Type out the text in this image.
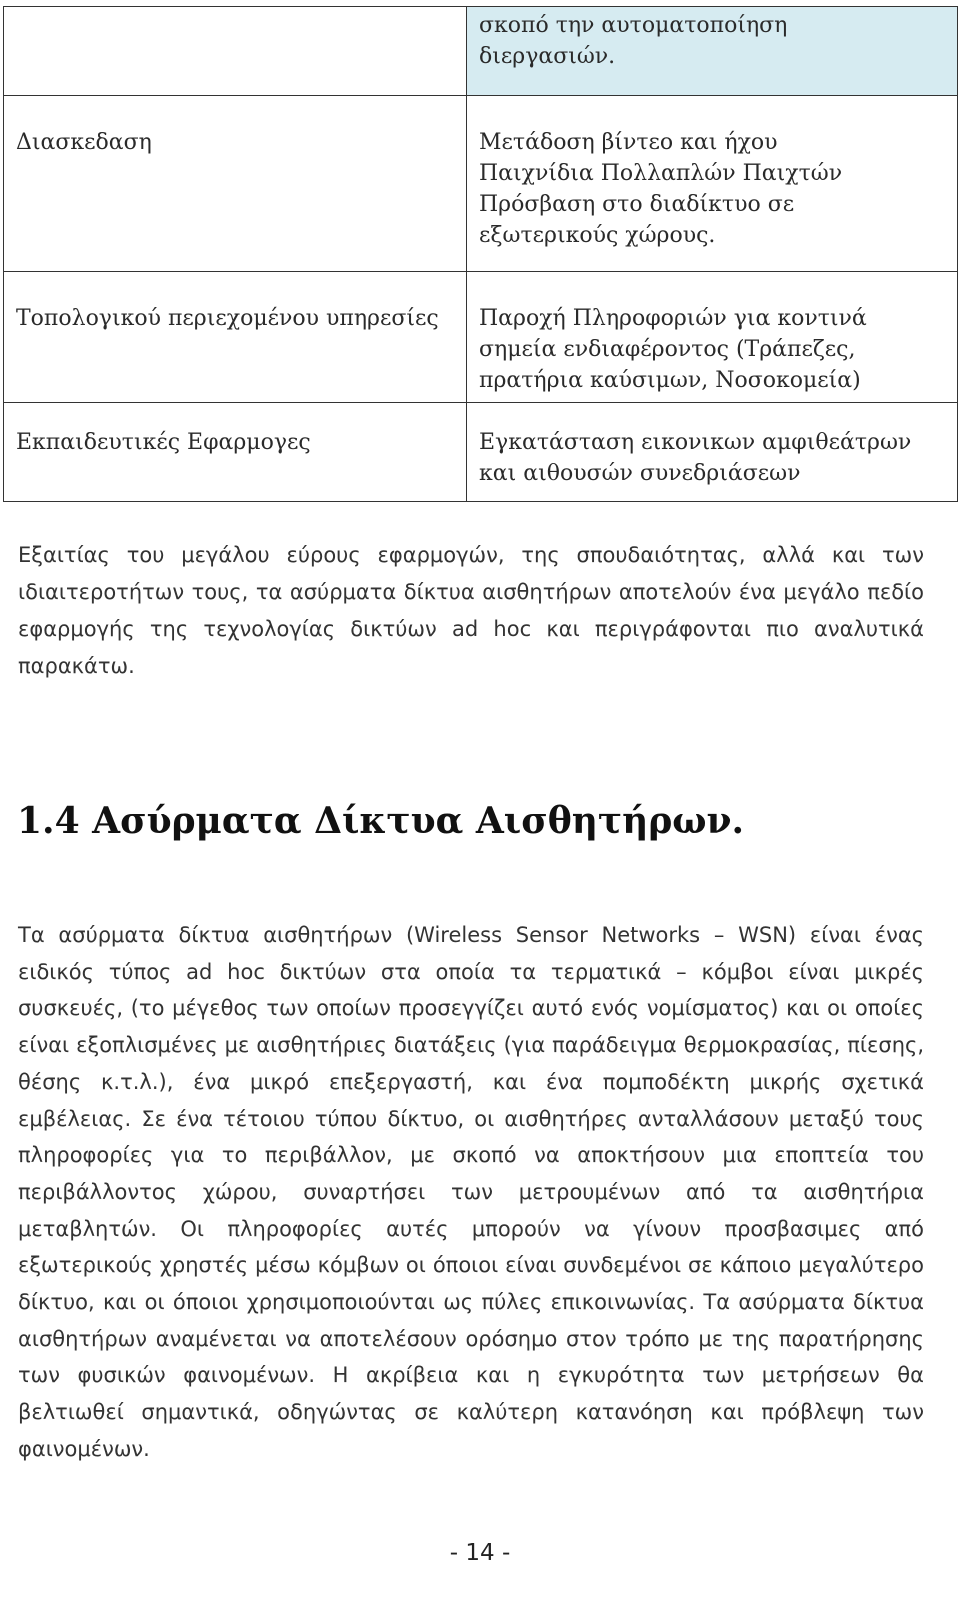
	σκοπό την αυτοματοποίηση
διεργασιών.

Διασκεδαση	Μετάδοση βίντεο και ήχου
Παιχνίδια Πολλαπλών Παιχτών
Πρόσβαση στο διαδίκτυο σε
εξωτερικούς χώρους.

Τοπολογικού περιεχομένου υπηρεσίες	Παροχή Πληροφοριών για κοντινά
σημεία ενδιαφέροντος (Τράπεζες,
πρατήρια καύσιμων, Νοσοκομεία)

Εκπαιδευτικές Εφαρμογες	Εγκατάσταση εικονικων αμφιθεάτρων
και αιθουσών συνεδριάσεων

Εξαιτίας του μεγάλου εύρους εφαρμογών, της σπουδαιότητας, αλλά και των ιδιαιτεροτήτων τους, τα ασύρματα δίκτυα αισθητήρων αποτελούν ένα μεγάλο πεδίο εφαρμογής της τεχνολογίας δικτύων ad hoc και περιγράφονται πιο αναλυτικά παρακάτω.

1.4 Ασύρματα Δίκτυα Αισθητήρων.

Τα ασύρματα δίκτυα αισθητήρων (Wireless Sensor Networks – WSN) είναι ένας ειδικός τύπος ad hoc δικτύων στα οποία τα τερματικά – κόμβοι είναι μικρές συσκευές, (το μέγεθος των οποίων προσεγγίζει αυτό ενός νομίσματος) και οι οποίες είναι εξοπλισμένες με αισθητήριες διατάξεις (για παράδειγμα θερμοκρασίας, πίεσης, θέσης κ.τ.λ.), ένα μικρό επεξεργαστή, και ένα πομποδέκτη μικρής σχετικά εμβέλειας. Σε ένα τέτοιου τύπου δίκτυο, οι αισθητήρες ανταλλάσουν μεταξύ τους πληροφορίες για το περιβάλλον, με σκοπό να αποκτήσουν μια εποπτεία του περιβάλλοντος χώρου, συναρτήσει των μετρουμένων από τα αισθητήρια μεταβλητών. Οι πληροφορίες αυτές μπορούν να γίνουν προσβασιμες από εξωτερικούς χρηστές μέσω κόμβων οι όποιοι είναι συνδεμένοι σε κάποιο μεγαλύτερο δίκτυο, και οι όποιοι χρησιμοποιούνται ως πύλες επικοινωνίας. Τα ασύρματα δίκτυα αισθητήρων αναμένεται να αποτελέσουν ορόσημο στον τρόπο με της παρατήρησης των φυσικών φαινομένων. Η ακρίβεια και η εγκυρότητα των μετρήσεων θα βελτιωθεί σημαντικά, οδηγώντας σε καλύτερη κατανόηση και πρόβλεψη των φαινομένων.

- 14 -
